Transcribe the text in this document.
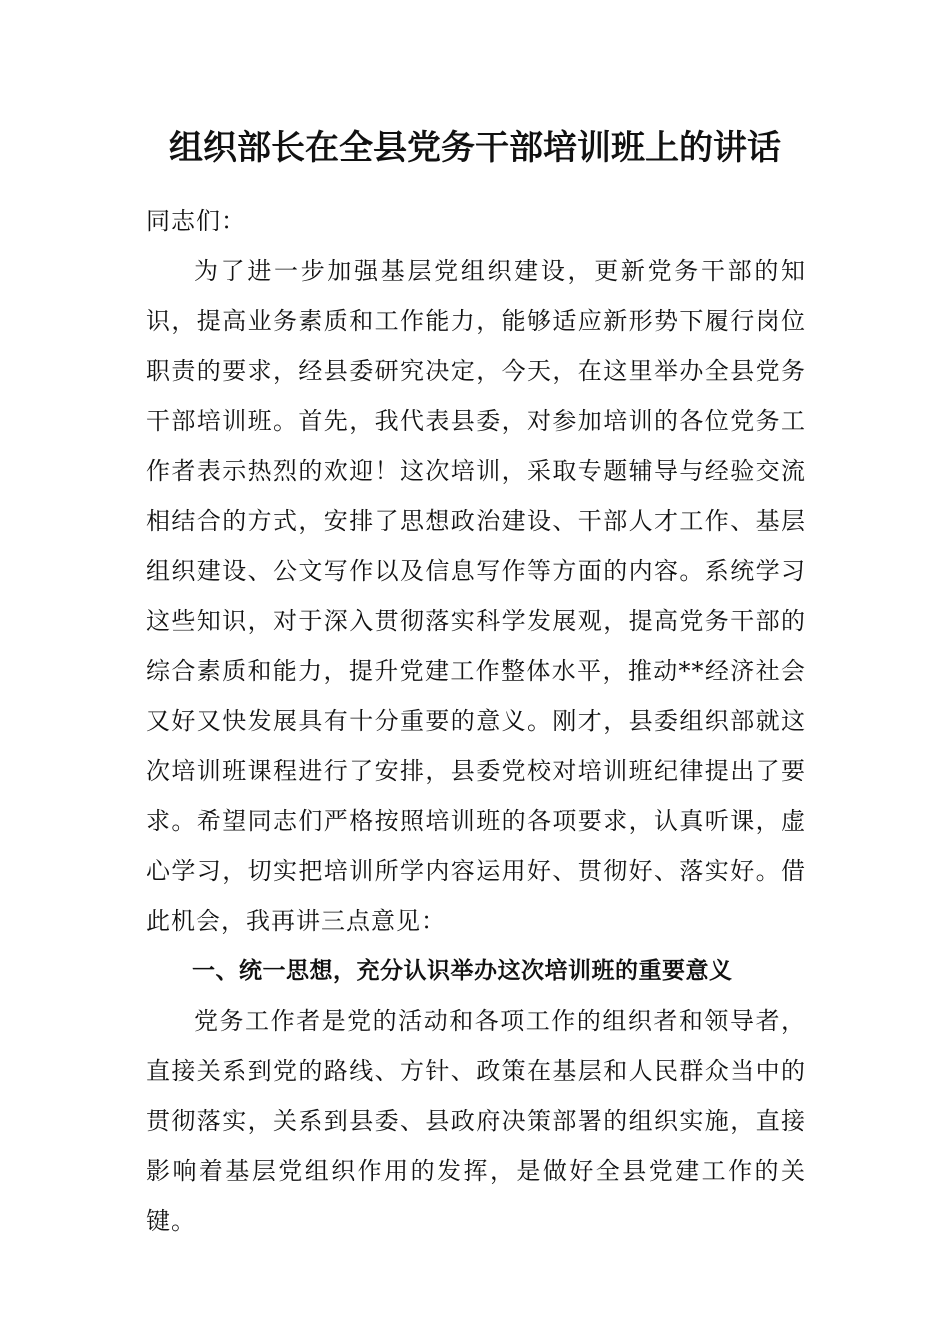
组织部长在全县党务干部培训班上的讲话

同志们：

为了进一步加强基层党组织建设，更新党务干部的知识，提高业务素质和工作能力，能够适应新形势下履行岗位职责的要求，经县委研究决定，今天，在这里举办全县党务干部培训班。首先，我代表县委，对参加培训的各位党务工作者表示热烈的欢迎！这次培训，采取专题辅导与经验交流相结合的方式，安排了思想政治建设、干部人才工作、基层组织建设、公文写作以及信息写作等方面的内容。系统学习这些知识，对于深入贯彻落实科学发展观，提高党务干部的综合素质和能力，提升党建工作整体水平，推动**经济社会又好又快发展具有十分重要的意义。刚才，县委组织部就这次培训班课程进行了安排，县委党校对培训班纪律提出了要求。希望同志们严格按照培训班的各项要求，认真听课，虚心学习，切实把培训所学内容运用好、贯彻好、落实好。借此机会，我再讲三点意见：

一、统一思想，充分认识举办这次培训班的重要意义

党务工作者是党的活动和各项工作的组织者和领导者，直接关系到党的路线、方针、政策在基层和人民群众当中的贯彻落实，关系到县委、县政府决策部署的组织实施，直接影响着基层党组织作用的发挥，是做好全县党建工作的关键。
